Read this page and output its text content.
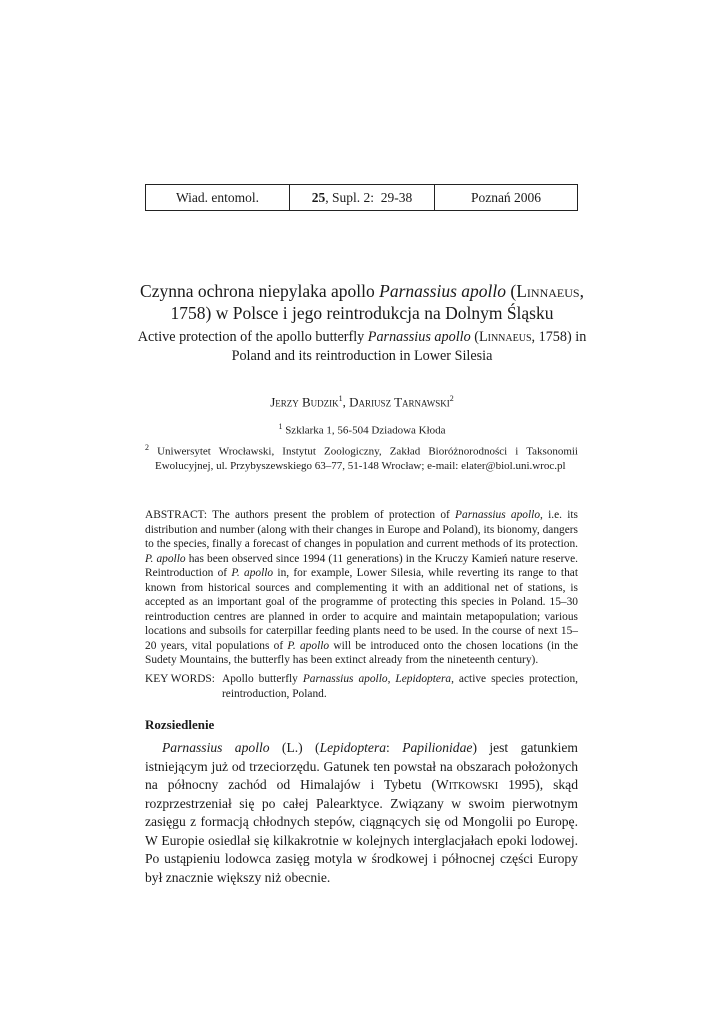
Wiad. entomol.	25, Supl. 2:  29-38	Poznań 2006
Czynna ochrona niepylaka apollo Parnassius apollo (Linnaeus, 1758) w Polsce i jego reintrodukcja na Dolnym Śląsku
Active protection of the apollo butterfly Parnassius apollo (Linnaeus, 1758) in Poland and its reintroduction in Lower Silesia
Jerzy Budzik$^1$, Dariusz Tarnawski$^2$
$^1$ Szklarka 1, 56-504 Dziadowa Kłoda
$^2$ Uniwersytet Wrocławski, Instytut Zoologiczny, Zakład Bioróżnorodności i Taksonomii Ewolucyjnej, ul. Przybyszewskiego 63–77, 51-148 Wrocław; e-mail: elater@biol.uni.wroc.pl
ABSTRACT: The authors present the problem of protection of Parnassius apollo, i.e. its distribution and number (along with their changes in Europe and Poland), its bionomy, dangers to the species, finally a forecast of changes in population and current methods of its protection. P. apollo has been observed since 1994 (11 generations) in the Kruczy Kamień nature reserve. Reintroduction of P. apollo in, for example, Lower Silesia, while reverting its range to that known from historical sources and complementing it with an additional net of stations, is accepted as an important goal of the programme of protecting this species in Poland. 15–30 reintroduction centres are planned in order to acquire and maintain metapopulation; various locations and subsoils for caterpillar feeding plants need to be used. In the course of next 15–20 years, vital populations of P. apollo will be introduced onto the chosen locations (in the Sudety Mountains, the butterfly has been extinct already from the nineteenth century).
KEY WORDS: Apollo butterfly Parnassius apollo, Lepidoptera, active species protection, reintroduction, Poland.
Rozsiedlenie
Parnassius apollo (L.) (Lepidoptera: Papilionidae) jest gatunkiem istniejącym już od trzeciorzędu. Gatunek ten powstał na obszarach położonych na północny zachód od Himalajów i Tybetu (Witkowski 1995), skąd rozprzestrzeniał się po całej Palearktyce. Związany w swoim pierwotnym zasięgu z formacją chłodnych stepów, ciągnących się od Mongolii po Europę. W Europie osiedlał się kilkakrotnie w kolejnych interglacjałach epoki lodowej. Po ustąpieniu lodowca zasięg motyla w środkowej i północnej części Europy był znacznie większy niż obecnie.
